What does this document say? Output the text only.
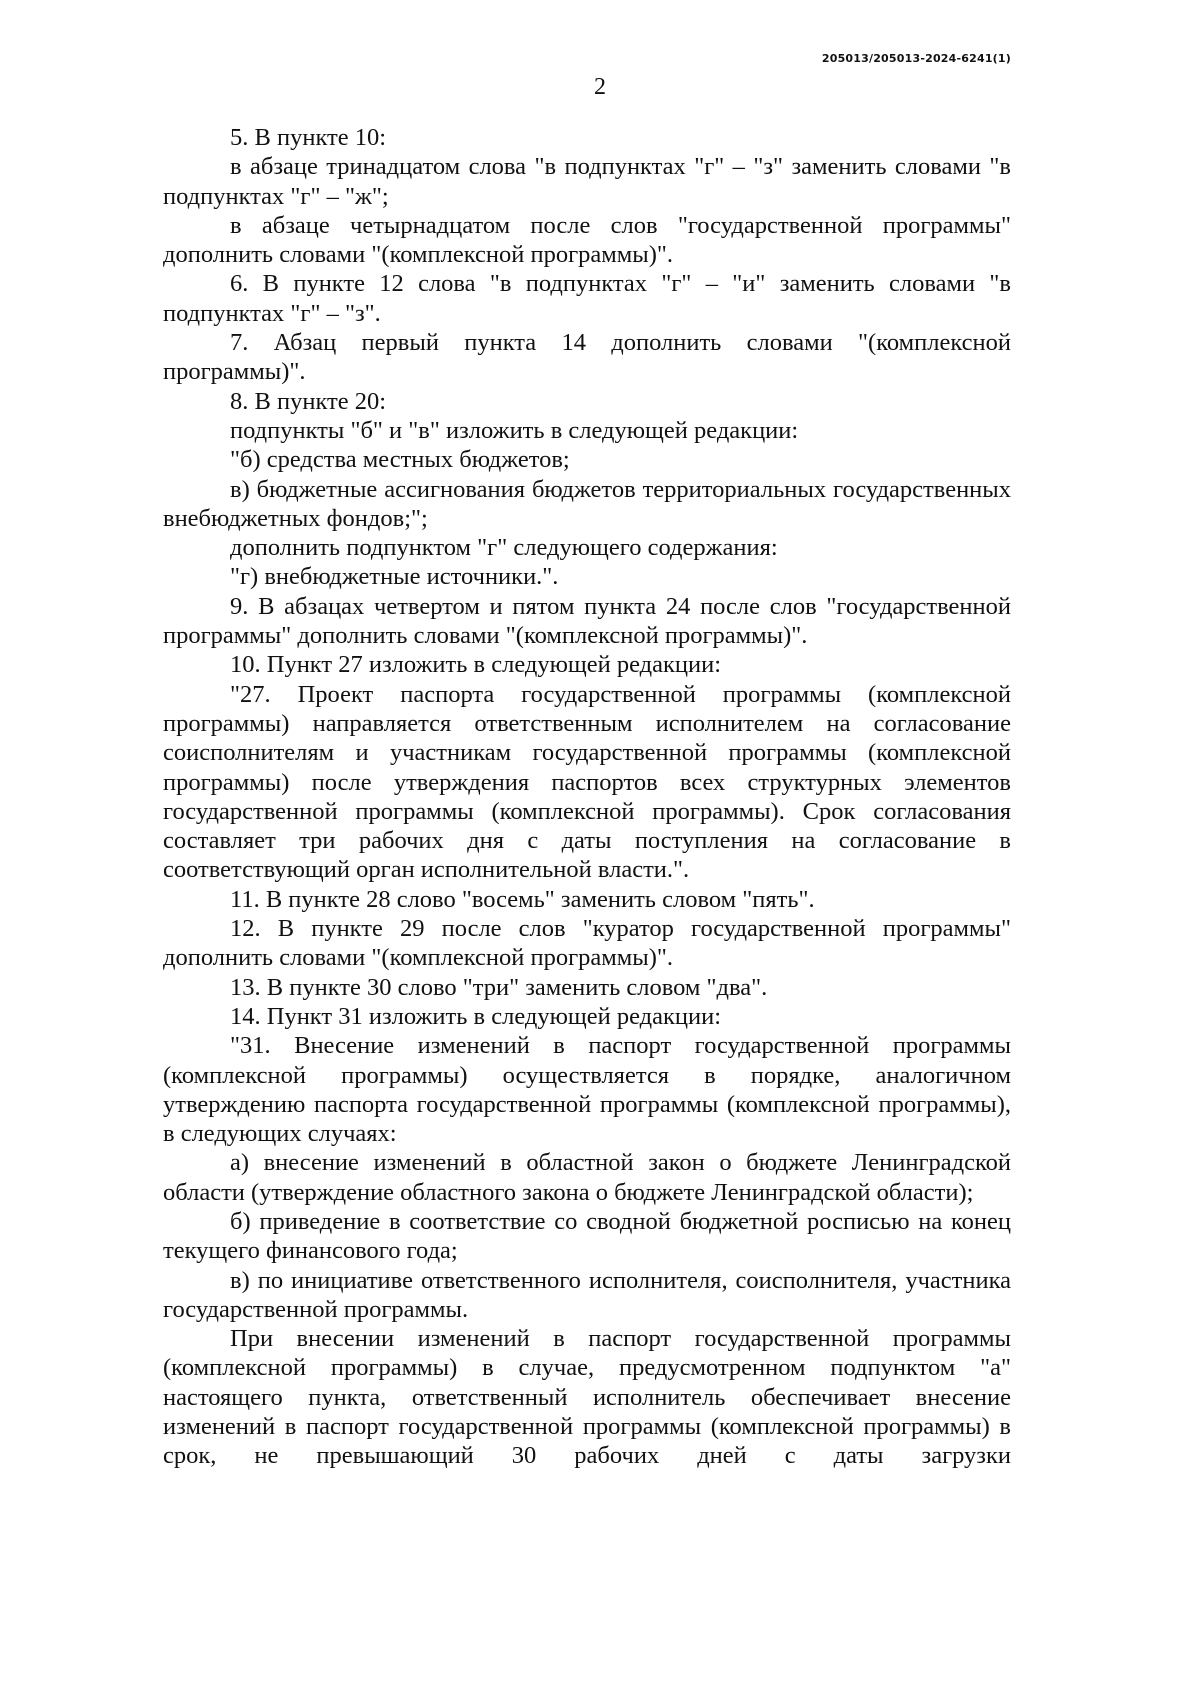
205013/205013-2024-6241(1)
2

5. В пункте 10:

в абзаце тринадцатом слова "в подпунктах "г" – "з" заменить словами "в подпунктах "г" – "ж";

в абзаце четырнадцатом после слов "государственной программы" дополнить словами "(комплексной программы)".

6. В пункте 12 слова "в подпунктах "г" – "и" заменить словами "в подпунктах "г" – "з".

7. Абзац первый пункта 14 дополнить словами "(комплексной программы)".

8. В пункте 20:

подпункты "б" и "в" изложить в следующей редакции:

"б) средства местных бюджетов;

в) бюджетные ассигнования бюджетов территориальных государственных внебюджетных фондов;";

дополнить подпунктом "г" следующего содержания:

"г) внебюджетные источники.".

9. В абзацах четвертом и пятом пункта 24 после слов "государственной программы" дополнить словами "(комплексной программы)".

10. Пункт 27 изложить в следующей редакции:

"27. Проект паспорта государственной программы (комплексной программы) направляется ответственным исполнителем на согласование соисполнителям и участникам государственной программы (комплексной программы) после утверждения паспортов всех структурных элементов государственной программы (комплексной программы). Срок согласования составляет три рабочих дня с даты поступления на согласование в соответствующий орган исполнительной власти.".

11. В пункте 28 слово "восемь" заменить словом "пять".

12. В пункте 29 после слов "куратор государственной программы" дополнить словами "(комплексной программы)".

13. В пункте 30 слово "три" заменить словом "два".

14. Пункт 31 изложить в следующей редакции:

"31. Внесение изменений в паспорт государственной программы (комплексной программы) осуществляется в порядке, аналогичном утверждению паспорта государственной программы (комплексной программы), в следующих случаях:

а) внесение изменений в областной закон о бюджете Ленинградской области (утверждение областного закона о бюджете Ленинградской области);

б) приведение в соответствие со сводной бюджетной росписью на конец текущего финансового года;

в) по инициативе ответственного исполнителя, соисполнителя, участника государственной программы.

При внесении изменений в паспорт государственной программы (комплексной программы) в случае, предусмотренном подпунктом "а" настоящего пункта, ответственный исполнитель обеспечивает внесение изменений в паспорт государственной программы (комплексной программы) в срок, не превышающий 30 рабочих дней с даты загрузки
